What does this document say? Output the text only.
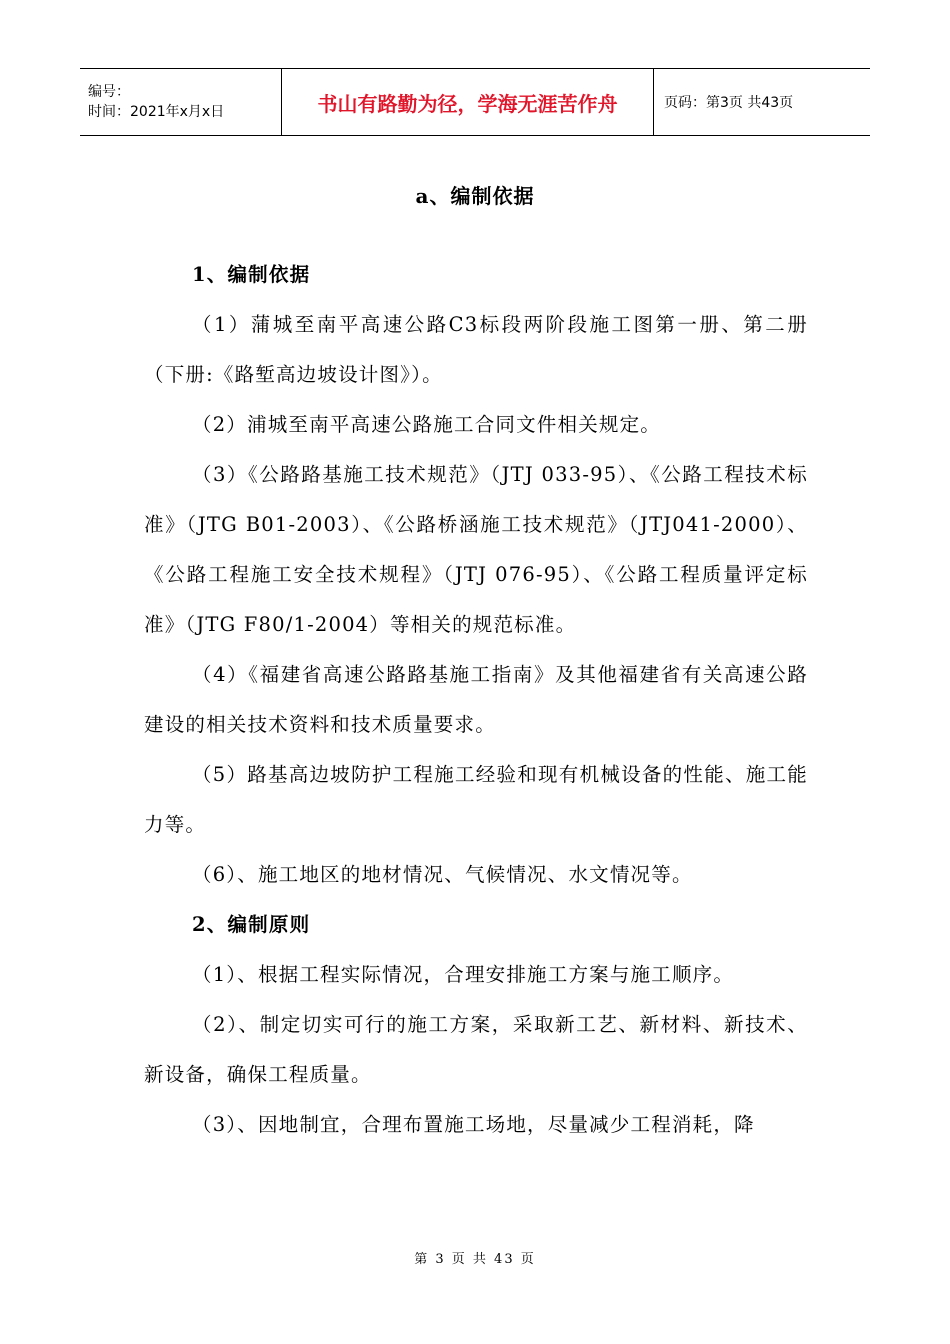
编号：
时间：2021年x月x日	书山有路勤为径，学海无涯苦作舟	页码：第3页 共43页
a、编制依据

1、编制依据

（1）蒲城至南平高速公路C3标段两阶段施工图第一册、第二册（下册:《路堑高边坡设计图》）。

（2）浦城至南平高速公路施工合同文件相关规定。

（3）《公路路基施工技术规范》（JTJ 033-95）、《公路工程技术标准》（JTG B01-2003）、《公路桥涵施工技术规范》（JTJ041-2000）、《公路工程施工安全技术规程》（JTJ 076-95）、《公路工程质量评定标准》（JTG F80/1-2004）等相关的规范标准。

（4）《福建省高速公路路基施工指南》及其他福建省有关高速公路建设的相关技术资料和技术质量要求。

（5）路基高边坡防护工程施工经验和现有机械设备的性能、施工能力等。

（6）、施工地区的地材情况、气候情况、水文情况等。

2、编制原则

（1）、根据工程实际情况，合理安排施工方案与施工顺序。

（2）、制定切实可行的施工方案，采取新工艺、新材料、新技术、新设备，确保工程质量。

（3）、因地制宜，合理布置施工场地，尽量减少工程消耗，降

第 3 页 共 43 页
